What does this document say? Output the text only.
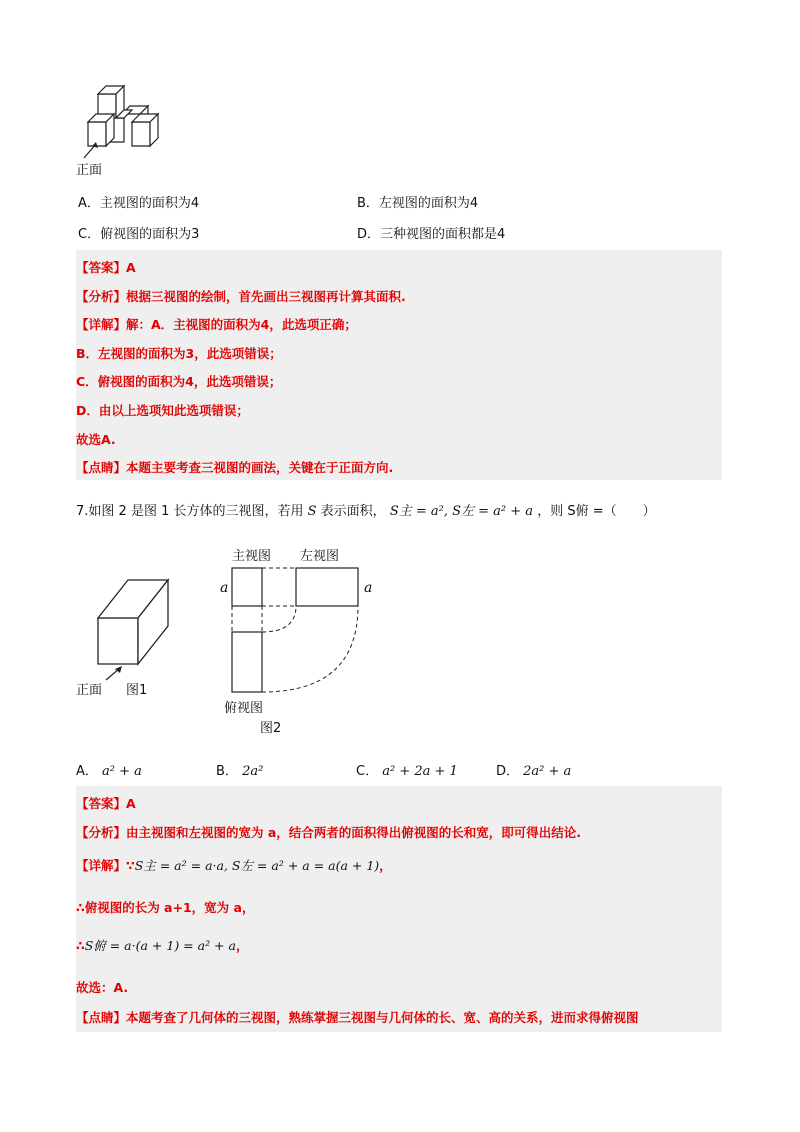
正面
A．主视图的面积为4	B．左视图的面积为4
C．俯视图的面积为3	D．三种视图的面积都是4
【答案】A
【分析】根据三视图的绘制，首先画出三视图再计算其面积.
【详解】解：A．主视图的面积为4，此选项正确；
B．左视图的面积为3，此选项错误；
C．俯视图的面积为4，此选项错误；
D．由以上选项知此选项错误；
故选A.
【点睛】本题主要考查三视图的画法，关键在于正面方向.
7.如图 2 是图 1 长方体的三视图，若用 S 表示面积， S主 = a², S左 = a² + a ，则 S俯 =（　　）
正面 图1
主视图 左视图
a	a
俯视图
图2
A． a² + a	B． 2a²	C． a² + 2a + 1	D． 2a² + a
【答案】A
【分析】由主视图和左视图的宽为 a，结合两者的面积得出俯视图的长和宽，即可得出结论.
【详解】∵S主 = a² = a·a, S左 = a² + a = a(a + 1)，
∴俯视图的长为 a+1，宽为 a，
∴S俯 = a·(a + 1) = a² + a，
故选：A.
【点睛】本题考查了几何体的三视图，熟练掌握三视图与几何体的长、宽、高的关系，进而求得俯视图
